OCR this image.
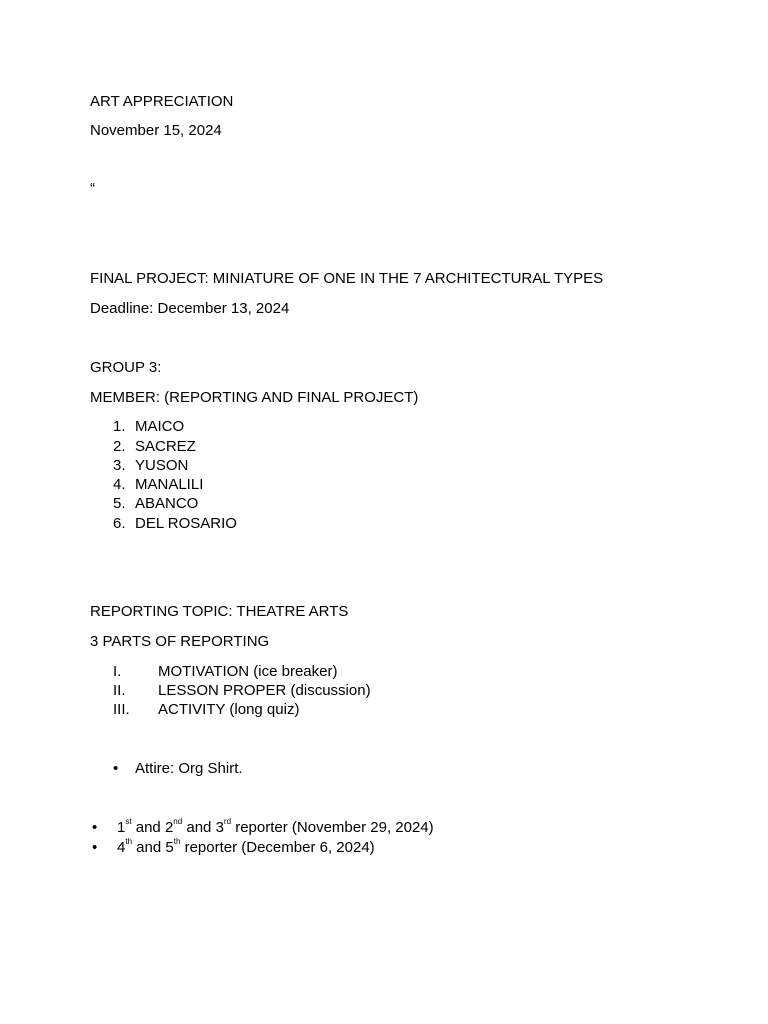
ART APPRECIATION
November 15, 2024
“
FINAL PROJECT: MINIATURE OF ONE IN THE 7 ARCHITECTURAL TYPES
Deadline: December 13, 2024
GROUP 3:
MEMBER: (REPORTING AND FINAL PROJECT)
1. MAICO
2. SACREZ
3. YUSON
4. MANALILI
5. ABANCO
6. DEL ROSARIO
REPORTING TOPIC: THEATRE ARTS
3 PARTS OF REPORTING
I. MOTIVATION (ice breaker)
II. LESSON PROPER (discussion)
III. ACTIVITY (long quiz)
• Attire: Org Shirt.
• 1st and 2nd and 3rd reporter (November 29, 2024)
• 4th and 5th reporter (December 6, 2024)
